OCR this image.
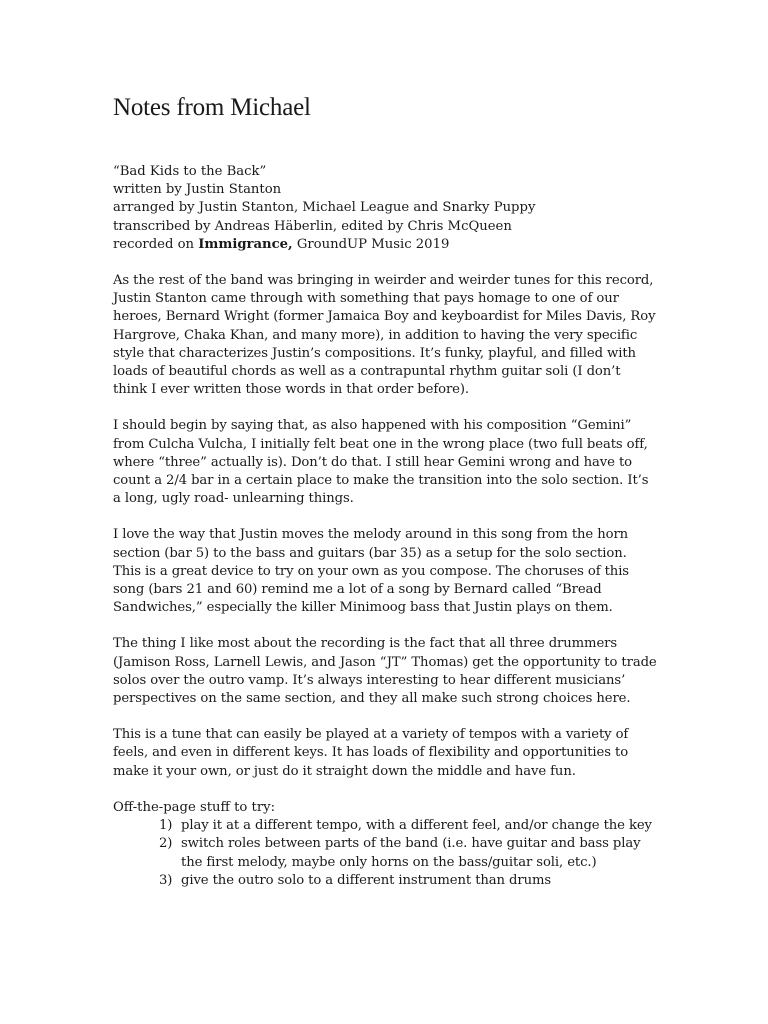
Notes from Michael
“Bad Kids to the Back”
written by Justin Stanton
arranged by Justin Stanton, Michael League and Snarky Puppy
transcribed by Andreas Häberlin, edited by Chris McQueen
recorded on Immigrance, GroundUP Music 2019

As the rest of the band was bringing in weirder and weirder tunes for this record, Justin Stanton came through with something that pays homage to one of our heroes, Bernard Wright (former Jamaica Boy and keyboardist for Miles Davis, Roy Hargrove, Chaka Khan, and many more), in addition to having the very specific style that characterizes Justin’s compositions. It’s funky, playful, and filled with loads of beautiful chords as well as a contrapuntal rhythm guitar soli (I don’t think I ever written those words in that order before).

I should begin by saying that, as also happened with his composition “Gemini” from Culcha Vulcha, I initially felt beat one in the wrong place (two full beats off, where “three” actually is). Don’t do that. I still hear Gemini wrong and have to count a 2/4 bar in a certain place to make the transition into the solo section. It’s a long, ugly road- unlearning things.

I love the way that Justin moves the melody around in this song from the horn section (bar 5) to the bass and guitars (bar 35) as a setup for the solo section. This is a great device to try on your own as you compose. The choruses of this song (bars 21 and 60) remind me a lot of a song by Bernard called “Bread Sandwiches,” especially the killer Minimoog bass that Justin plays on them.

The thing I like most about the recording is the fact that all three drummers (Jamison Ross, Larnell Lewis, and Jason “JT” Thomas) get the opportunity to trade solos over the outro vamp. It’s always interesting to hear different musicians’ perspectives on the same section, and they all make such strong choices here.

This is a tune that can easily be played at a variety of tempos with a variety of feels, and even in different keys. It has loads of flexibility and opportunities to make it your own, or just do it straight down the middle and have fun.

Off-the-page stuff to try:

1) play it at a different tempo, with a different feel, and/or change the key
2) switch roles between parts of the band (i.e. have guitar and bass play the first melody, maybe only horns on the bass/guitar soli, etc.)
3) give the outro solo to a different instrument than drums
